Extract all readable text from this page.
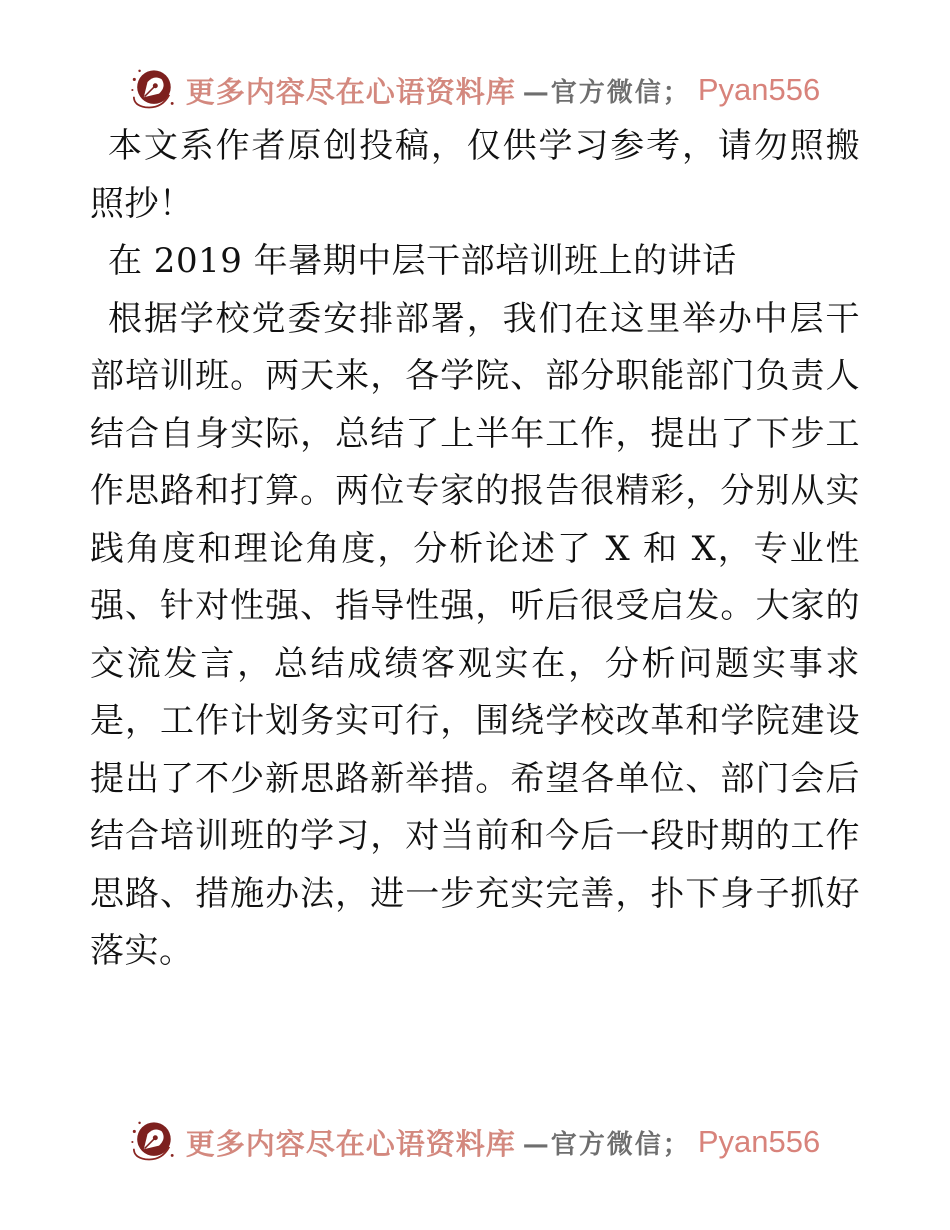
更多内容尽在心语资料库 —官方微信； Pyan556

本文系作者原创投稿，仅供学习参考，请勿照搬照抄！

在 2019 年暑期中层干部培训班上的讲话

根据学校党委安排部署，我们在这里举办中层干部培训班。两天来，各学院、部分职能部门负责人结合自身实际，总结了上半年工作，提出了下步工作思路和打算。两位专家的报告很精彩，分别从实践角度和理论角度，分析论述了 X 和 X，专业性强、针对性强、指导性强，听后很受启发。大家的交流发言，总结成绩客观实在，分析问题实事求是，工作计划务实可行，围绕学校改革和学院建设提出了不少新思路新举措。希望各单位、部门会后结合培训班的学习，对当前和今后一段时期的工作思路、措施办法，进一步充实完善，扑下身子抓好落实。

更多内容尽在心语资料库 —官方微信； Pyan556
